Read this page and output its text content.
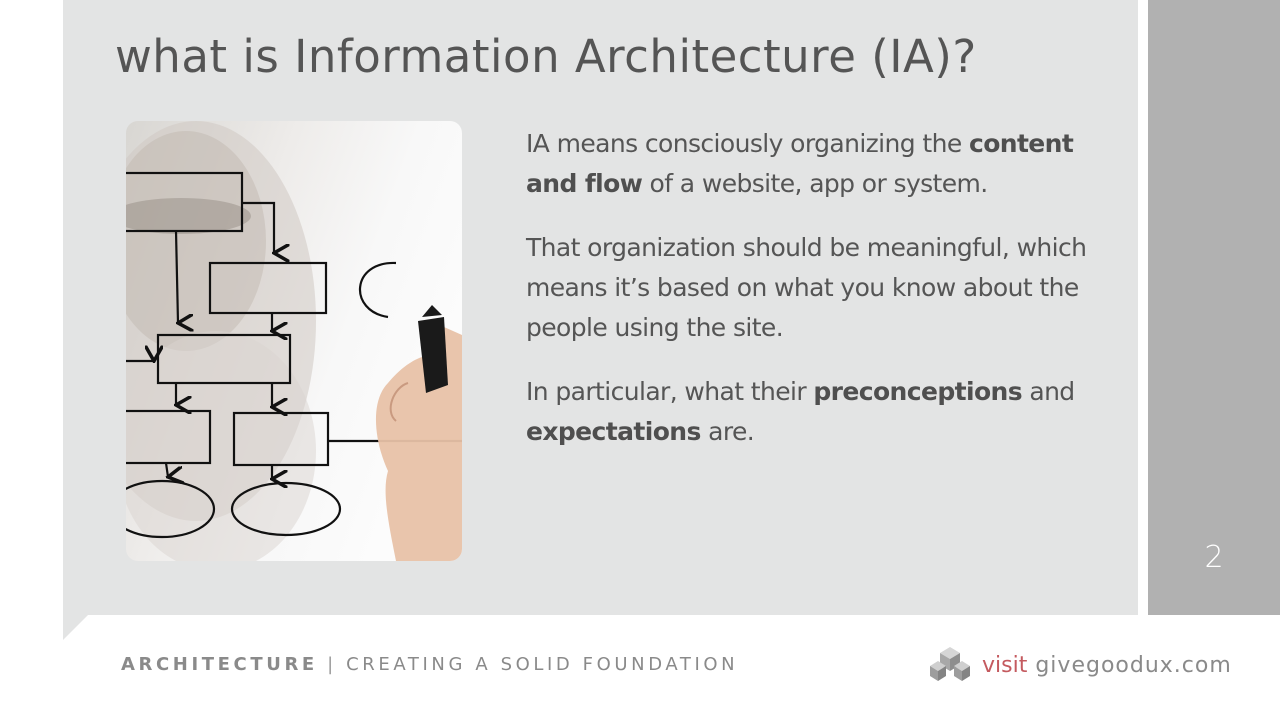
2
what is Information Architecture (IA)?

IA means consciously organizing the content and flow of a website, app or system.

That organization should be meaningful, which means it’s based on what you know about the people using the site.

In particular, what their preconceptions and expectations are.

ARCHITECTURE | CREATING A SOLID FOUNDATION	visit givegoodux.com
